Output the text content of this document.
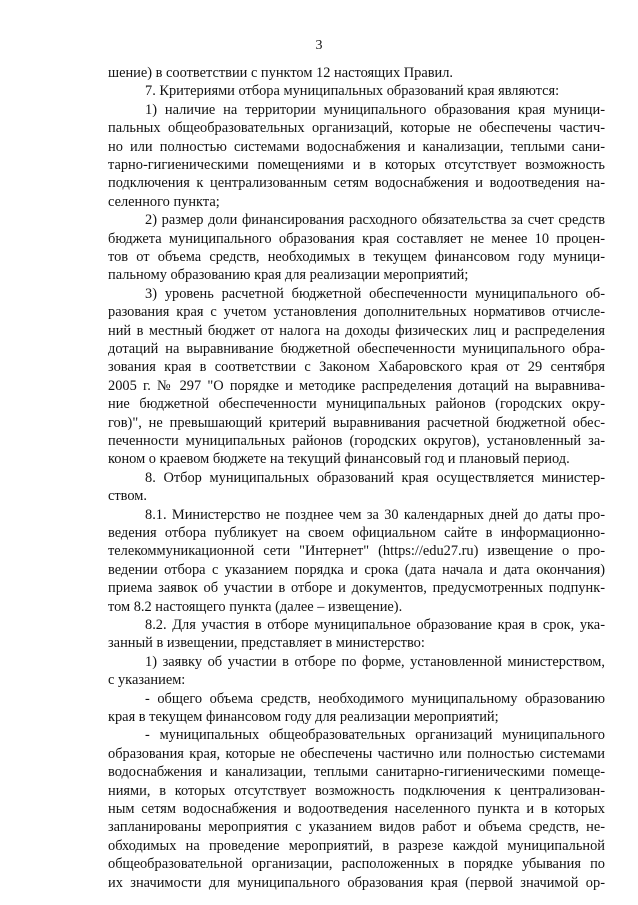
3
шение) в соответствии с пунктом 12 настоящих Правил.
7. Критериями отбора муниципальных образований края являются:
1) наличие на территории муниципального образования края муници-
пальных общеобразовательных организаций, которые не обеспечены частич-
но или полностью системами водоснабжения и канализации, теплыми сани-
тарно-гигиеническими помещениями и в которых отсутствует возможность
подключения к централизованным сетям водоснабжения и водоотведения на-
селенного пункта;
2) размер доли финансирования расходного обязательства за счет средств
бюджета муниципального образования края составляет не менее 10 процен-
тов от объема средств, необходимых в текущем финансовом году муници-
пальному образованию края для реализации мероприятий;
3) уровень расчетной бюджетной обеспеченности муниципального об-
разования края с учетом установления дополнительных нормативов отчисле-
ний в местный бюджет от налога на доходы физических лиц и распределения
дотаций на выравнивание бюджетной обеспеченности муниципального обра-
зования края в соответствии с Законом Хабаровского края от 29 сентября
2005 г. № 297 "О порядке и методике распределения дотаций на выравнива-
ние бюджетной обеспеченности муниципальных районов (городских окру-
гов)", не превышающий критерий выравнивания расчетной бюджетной обес-
печенности муниципальных районов (городских округов), установленный за-
коном о краевом бюджете на текущий финансовый год и плановый период.
8. Отбор муниципальных образований края осуществляется министер-
ством.
8.1. Министерство не позднее чем за 30 календарных дней до даты про-
ведения отбора публикует на своем официальном сайте в информационно-
телекоммуникационной сети "Интернет" (https://edu27.ru) извещение о про-
ведении отбора с указанием порядка и срока (дата начала и дата окончания)
приема заявок об участии в отборе и документов, предусмотренных подпунк-
том 8.2 настоящего пункта (далее – извещение).
8.2. Для участия в отборе муниципальное образование края в срок, ука-
занный в извещении, представляет в министерство:
1) заявку об участии в отборе по форме, установленной министерством,
с указанием:
- общего объема средств, необходимого муниципальному образованию
края в текущем финансовом году для реализации мероприятий;
- муниципальных общеобразовательных организаций муниципального
образования края, которые не обеспечены частично или полностью системами
водоснабжения и канализации, теплыми санитарно-гигиеническими помеще-
ниями, в которых отсутствует возможность подключения к централизован-
ным сетям водоснабжения и водоотведения населенного пункта и в которых
запланированы мероприятия с указанием видов работ и объема средств, не-
обходимых на проведение мероприятий, в разрезе каждой муниципальной
общеобразовательной организации, расположенных в порядке убывания по
их значимости для муниципального образования края (первой значимой ор-
